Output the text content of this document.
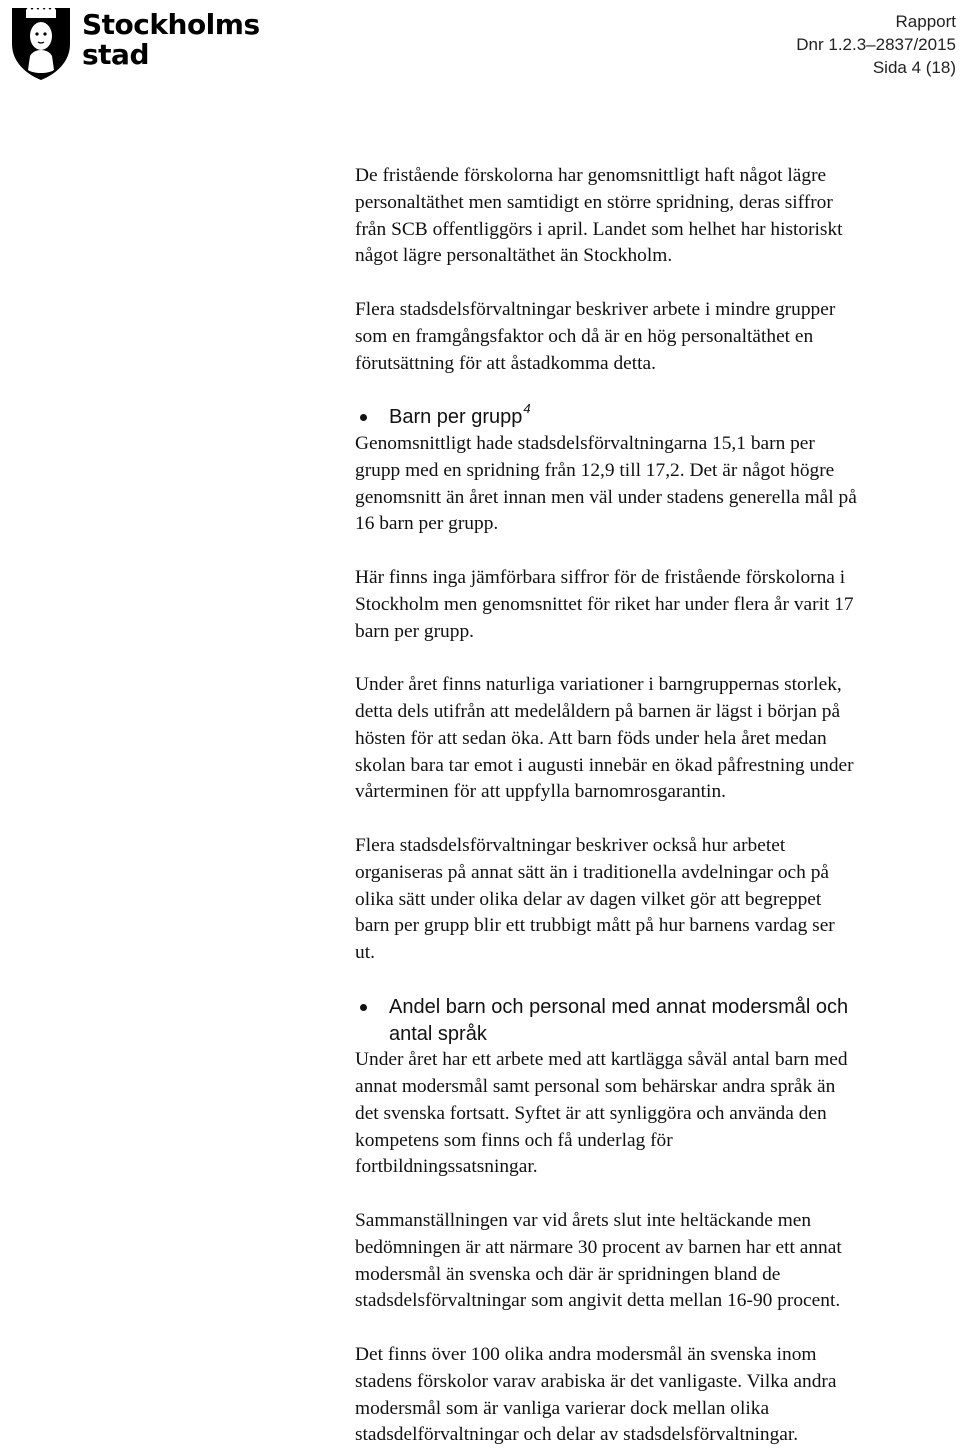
Stockholms
stad
Rapport
Dnr 1.2.3–2837/2015
Sida 4 (18)

De fristående förskolorna har genomsnittligt haft något lägre
personaltäthet men samtidigt en större spridning, deras siffror
från SCB offentliggörs i april. Landet som helhet har historiskt
något lägre personaltäthet än Stockholm.

Flera stadsdelsförvaltningar beskriver arbete i mindre grupper
som en framgångsfaktor och då är en hög personaltäthet en
förutsättning för att åstadkomma detta.

Barn per grupp$^4$

Genomsnittligt hade stadsdelsförvaltningarna 15,1 barn per
grupp med en spridning från 12,9 till 17,2. Det är något högre
genomsnitt än året innan men väl under stadens generella mål på
16 barn per grupp.

Här finns inga jämförbara siffror för de fristående förskolorna i
Stockholm men genomsnittet för riket har under flera år varit 17
barn per grupp.

Under året finns naturliga variationer i barngruppernas storlek,
detta dels utifrån att medelåldern på barnen är lägst i början på
hösten för att sedan öka. Att barn föds under hela året medan
skolan bara tar emot i augusti innebär en ökad påfrestning under
vårterminen för att uppfylla barnomrosgarantin.

Flera stadsdelsförvaltningar beskriver också hur arbetet
organiseras på annat sätt än i traditionella avdelningar och på
olika sätt under olika delar av dagen vilket gör att begreppet
barn per grupp blir ett trubbigt mått på hur barnens vardag ser
ut.

Andel barn och personal med annat modersmål och
antal språk

Under året har ett arbete med att kartlägga såväl antal barn med
annat modersmål samt personal som behärskar andra språk än
det svenska fortsatt. Syftet är att synliggöra och använda den
kompetens som finns och få underlag för
fortbildningssatsningar.

Sammanställningen var vid årets slut inte heltäckande men
bedömningen är att närmare 30 procent av barnen har ett annat
modersmål än svenska och där är spridningen bland de
stadsdelsförvaltningar som angivit detta mellan 16-90 procent.

Det finns över 100 olika andra modersmål än svenska inom
stadens förskolor varav arabiska är det vanligaste. Vilka andra
modersmål som är vanliga varierar dock mellan olika
stadsdelförvaltningar och delar av stadsdelsförvaltningar.
